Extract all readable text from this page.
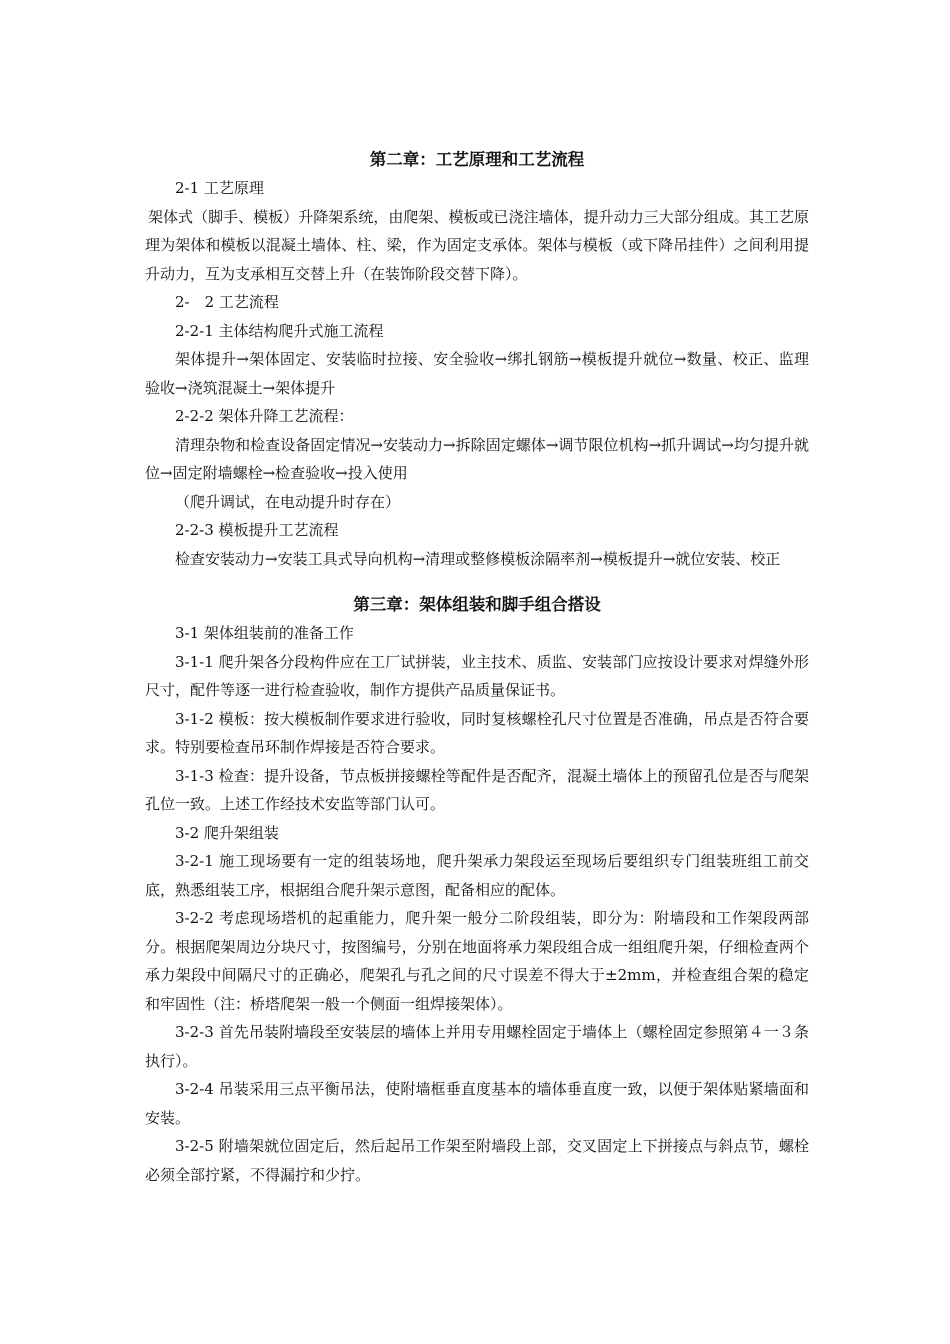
第二章：工艺原理和工艺流程

2-1 工艺原理

架体式（脚手、模板）升降架系统，由爬架、模板或已浇注墙体，提升动力三大部分组成。其工艺原理为架体和模板以混凝土墙体、柱、梁，作为固定支承体。架体与模板（或下降吊挂件）之间利用提升动力，互为支承相互交替上升（在装饰阶段交替下降）。

2-　2 工艺流程

2-2-1 主体结构爬升式施工流程

架体提升→架体固定、安装临时拉接、安全验收→绑扎钢筋→模板提升就位→数量、校正、监理验收→浇筑混凝土→架体提升

2-2-2 架体升降工艺流程：

清理杂物和检查设备固定情况→安装动力→拆除固定螺体→调节限位机构→抓升调试→均匀提升就位→固定附墙螺栓→检查验收→投入使用

（爬升调试，在电动提升时存在）

2-2-3 模板提升工艺流程

检查安装动力→安装工具式导向机构→清理或整修模板涂隔率剂→模板提升→就位安装、校正

第三章：架体组装和脚手组合搭设

3-1 架体组装前的准备工作

3-1-1 爬升架各分段构件应在工厂试拼装，业主技术、质监、安装部门应按设计要求对焊缝外形尺寸，配件等逐一进行检查验收，制作方提供产品质量保证书。

3-1-2 模板：按大模板制作要求进行验收，同时复核螺栓孔尺寸位置是否准确，吊点是否符合要求。特别要检查吊环制作焊接是否符合要求。

3-1-3 检查：提升设备，节点板拼接螺栓等配件是否配齐，混凝土墙体上的预留孔位是否与爬架孔位一致。上述工作经技术安监等部门认可。

3-2 爬升架组装

3-2-1 施工现场要有一定的组装场地，爬升架承力架段运至现场后要组织专门组装班组工前交底，熟悉组装工序，根据组合爬升架示意图，配备相应的配体。

3-2-2 考虑现场塔机的起重能力，爬升架一般分二阶段组装，即分为：附墙段和工作架段两部分。根据爬架周边分块尺寸，按图编号，分别在地面将承力架段组合成一组组爬升架，仔细检查两个承力架段中间隔尺寸的正确必，爬架孔与孔之间的尺寸误差不得大于±2mm，并检查组合架的稳定和牢固性（注：桥塔爬架一般一个侧面一组焊接架体）。

3-2-3 首先吊装附墙段至安装层的墙体上并用专用螺栓固定于墙体上（螺栓固定参照第４一３条执行）。

3-2-4 吊装采用三点平衡吊法，使附墙框垂直度基本的墙体垂直度一致，以便于架体贴紧墙面和安装。

3-2-5 附墙架就位固定后，然后起吊工作架至附墙段上部，交叉固定上下拼接点与斜点节，螺栓必须全部拧紧，不得漏拧和少拧。
